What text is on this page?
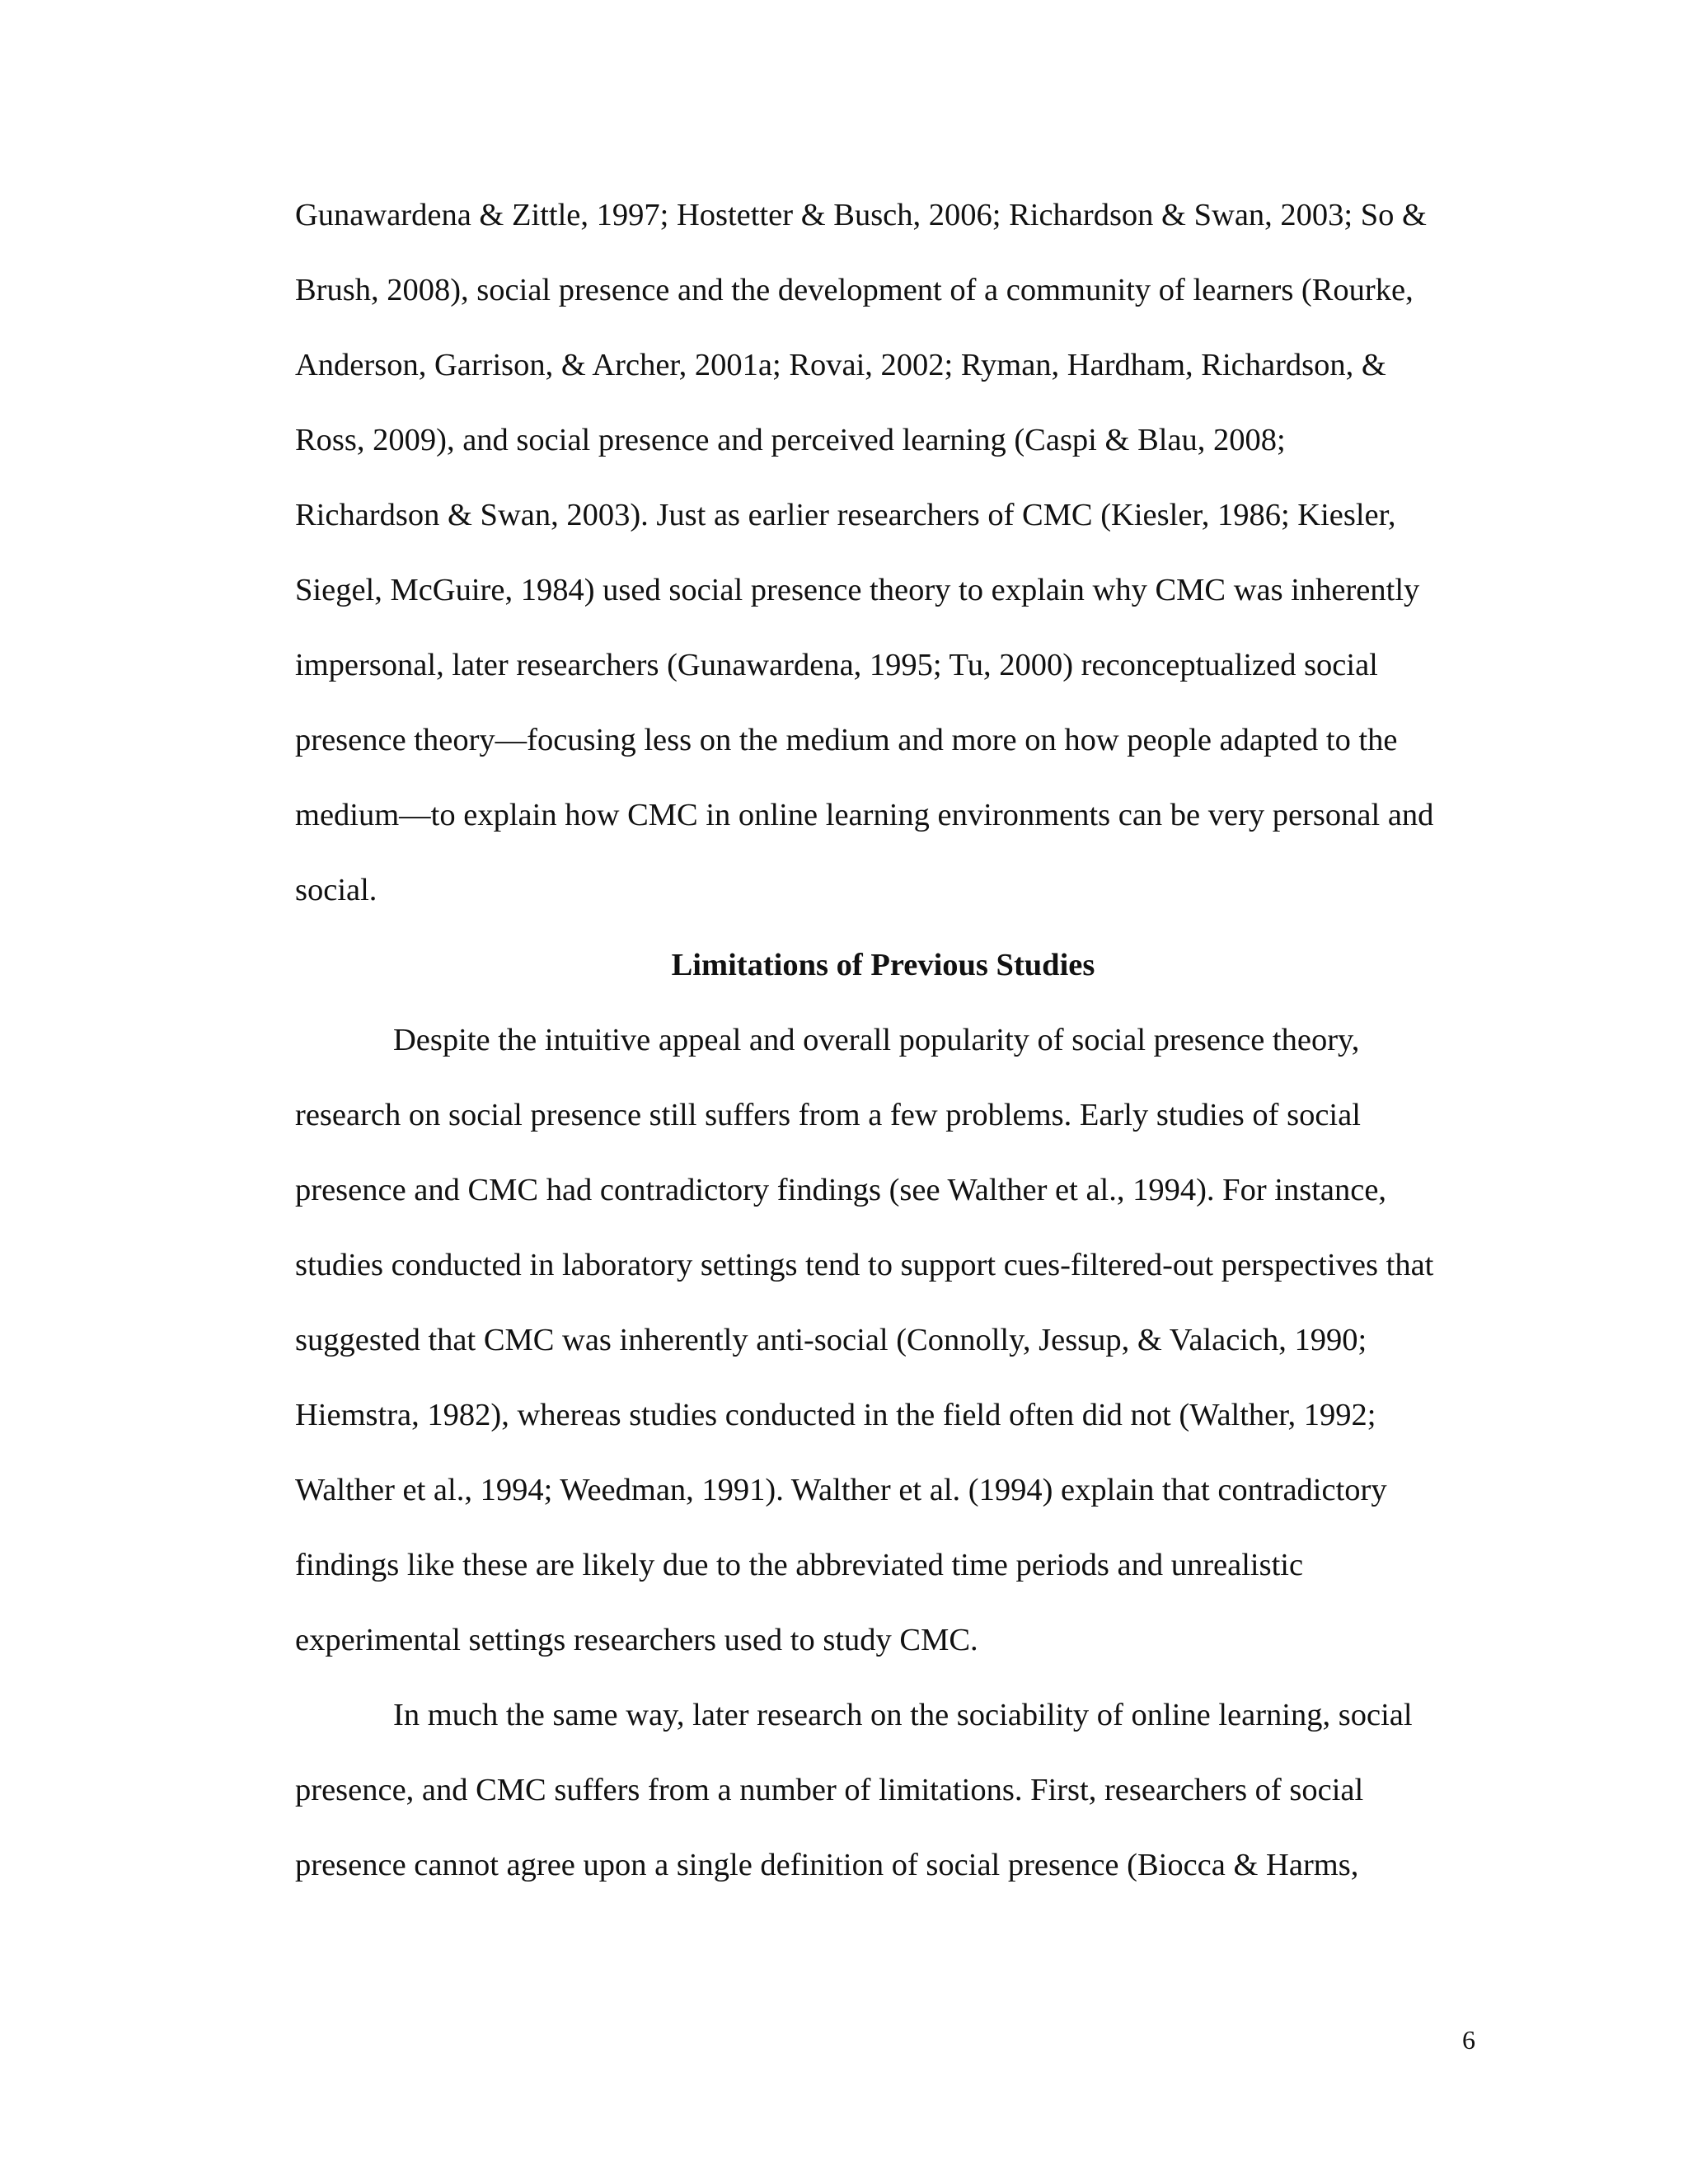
Gunawardena & Zittle, 1997; Hostetter & Busch, 2006; Richardson & Swan, 2003; So &

Brush, 2008), social presence and the development of a community of learners (Rourke,

Anderson, Garrison, & Archer, 2001a; Rovai, 2002; Ryman, Hardham, Richardson, &

Ross, 2009), and social presence and perceived learning (Caspi & Blau, 2008;

Richardson & Swan, 2003). Just as earlier researchers of CMC (Kiesler, 1986; Kiesler,

Siegel, McGuire, 1984) used social presence theory to explain why CMC was inherently

impersonal, later researchers (Gunawardena, 1995; Tu, 2000) reconceptualized social

presence theory—focusing less on the medium and more on how people adapted to the

medium—to explain how CMC in online learning environments can be very personal and

social.

Limitations of Previous Studies

Despite the intuitive appeal and overall popularity of social presence theory,

research on social presence still suffers from a few problems. Early studies of social

presence and CMC had contradictory findings (see Walther et al., 1994). For instance,

studies conducted in laboratory settings tend to support cues-filtered-out perspectives that

suggested that CMC was inherently anti-social (Connolly, Jessup, & Valacich, 1990;

Hiemstra, 1982), whereas studies conducted in the field often did not (Walther, 1992;

Walther et al., 1994; Weedman, 1991). Walther et al. (1994) explain that contradictory

findings like these are likely due to the abbreviated time periods and unrealistic

experimental settings researchers used to study CMC.

In much the same way, later research on the sociability of online learning, social

presence, and CMC suffers from a number of limitations. First, researchers of social

presence cannot agree upon a single definition of social presence (Biocca & Harms,

6
